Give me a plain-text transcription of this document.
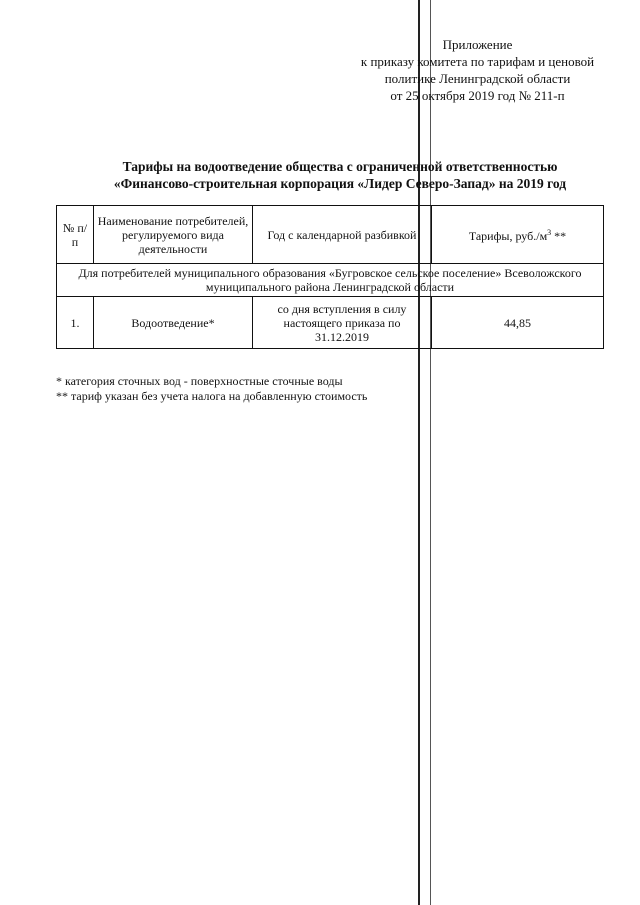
Приложение
к приказу комитета по тарифам и ценовой
политике Ленинградской области
от 25 октября 2019 год № 211-п
Тарифы на водоотведение общества с ограниченной ответственностью
«Финансово-строительная корпорация «Лидер Северо-Запад» на 2019 год
№ п/п	Наименование потребителей, регулируемого вида деятельности	Год с календарной разбивкой	Тарифы, $руб./м^3$ **
Для потребителей муниципального образования «Бугровское сельское поселение» Всеволожского муниципального района Ленинградской области			
1.	Водоотведение*	со дня вступления в силу настоящего приказа по 31.12.2019	44,85
* категория сточных вод - поверхностные сточные воды
** тариф указан без учета налога на добавленную стоимость
